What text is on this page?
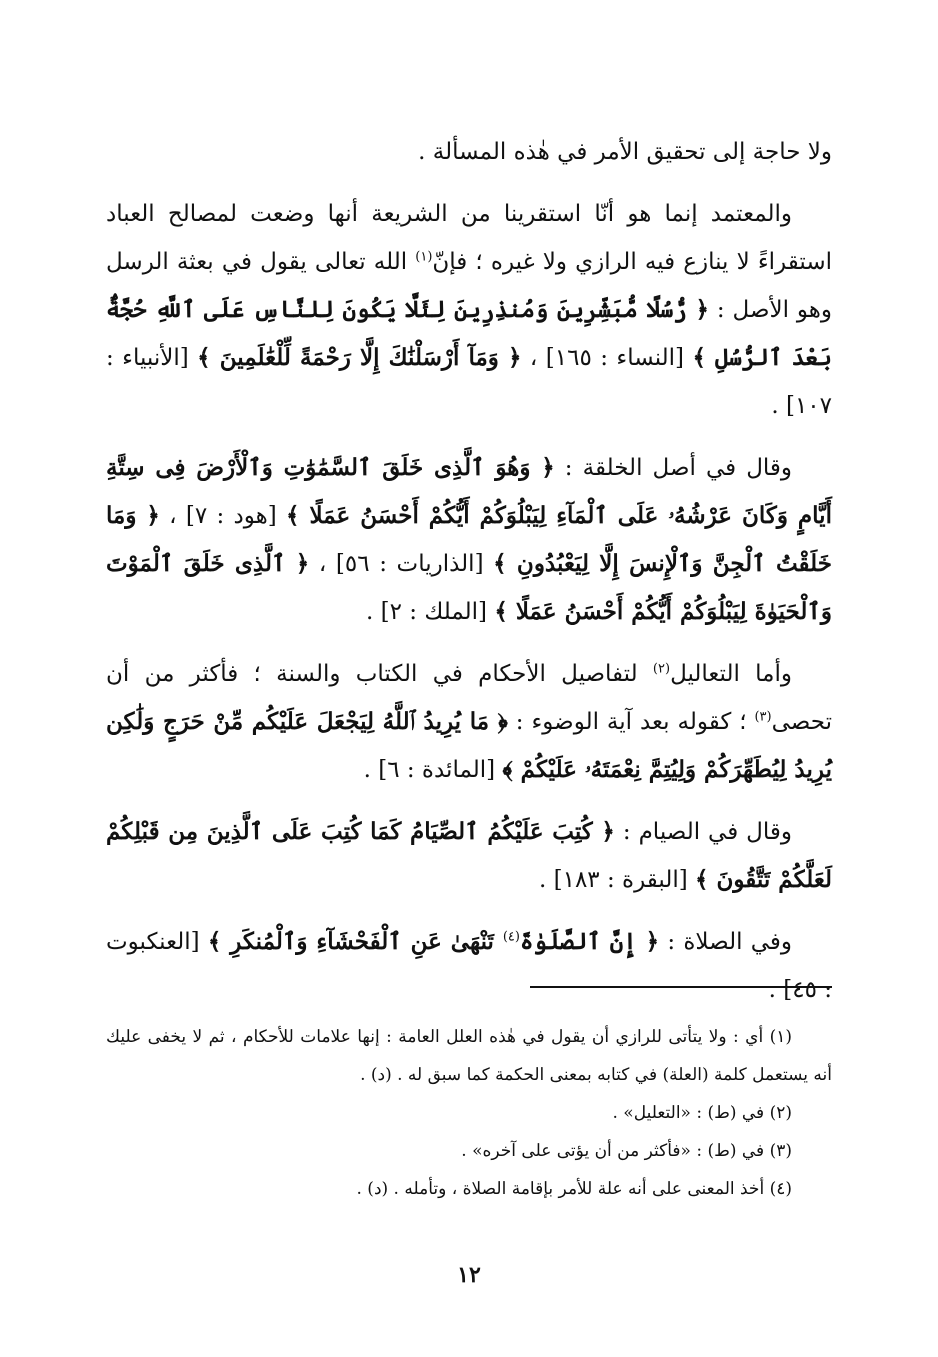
ولا حاجة إلى تحقيق الأمر في هٰذه المسألة .

والمعتمد إنما هو أنّا استقرينا من الشريعة أنها وضعت لمصالح العباد استقراءً لا ينازع فيه الرازي ولا غيره ؛ فإنّ$^{(١)}$ الله تعالى يقول في بعثة الرسل وهو الأصل : ﴿ رُّسُلًا مُّبَشِّرِينَ وَمُنذِرِينَ لِئَلَّا يَكُونَ لِلنَّاسِ عَلَى ٱللَّهِ حُجَّةٌۢ بَعْدَ ٱلرُّسُلِ ﴾ [النساء : ١٦٥] ، ﴿ وَمَآ أَرْسَلْنَٰكَ إِلَّا رَحْمَةً لِّلْعَٰلَمِينَ ﴾ [الأنبياء : ١٠٧] .

وقال في أصل الخلقة : ﴿ وَهُوَ ٱلَّذِى خَلَقَ ٱلسَّمَٰوَٰتِ وَٱلْأَرْضَ فِى سِتَّةِ أَيَّامٍ وَكَانَ عَرْشُهُۥ عَلَى ٱلْمَآءِ لِيَبْلُوَكُمْ أَيُّكُمْ أَحْسَنُ عَمَلًا ﴾ [هود : ٧] ، ﴿ وَمَا خَلَقْتُ ٱلْجِنَّ وَٱلْإِنسَ إِلَّا لِيَعْبُدُونِ ﴾ [الذاريات : ٥٦] ، ﴿ ٱلَّذِى خَلَقَ ٱلْمَوْتَ وَٱلْحَيَوٰةَ لِيَبْلُوَكُمْ أَيُّكُمْ أَحْسَنُ عَمَلًا ﴾ [الملك : ٢] .

وأما التعاليل$^{(٢)}$ لتفاصيل الأحكام في الكتاب والسنة ؛ فأكثر من أن تحصى$^{(٣)}$ ؛ كقوله بعد آية الوضوء : ﴿ مَا يُرِيدُ ٱللَّهُ لِيَجْعَلَ عَلَيْكُم مِّنْ حَرَجٍ وَلَٰكِن يُرِيدُ لِيُطَهِّرَكُمْ وَلِيُتِمَّ نِعْمَتَهُۥ عَلَيْكُمْ ﴾ [المائدة : ٦] .

وقال في الصيام : ﴿ كُتِبَ عَلَيْكُمُ ٱلصِّيَامُ كَمَا كُتِبَ عَلَى ٱلَّذِينَ مِن قَبْلِكُمْ لَعَلَّكُمْ تَتَّقُونَ ﴾ [البقرة : ١٨٣] .

وفي الصلاة : ﴿ إِنَّ ٱلصَّلَوٰةَ$^{(٤)}$ تَنْهَىٰ عَنِ ٱلْفَحْشَآءِ وَٱلْمُنكَرِ ﴾ [العنكبوت : ٤٥] .

(١) أي : ولا يتأتى للرازي أن يقول في هٰذه العلل العامة : إنها علامات للأحكام ، ثم لا يخفى عليك أنه يستعمل كلمة (العلة) في كتابه بمعنى الحكمة كما سبق له . (د) .

(٢) في (ط) : «التعليل» .

(٣) في (ط) : «فأكثر من أن يؤتى على آخره» .

(٤) أخذ المعنى على أنه علة للأمر بإقامة الصلاة ، وتأمله . (د) .

١٢
